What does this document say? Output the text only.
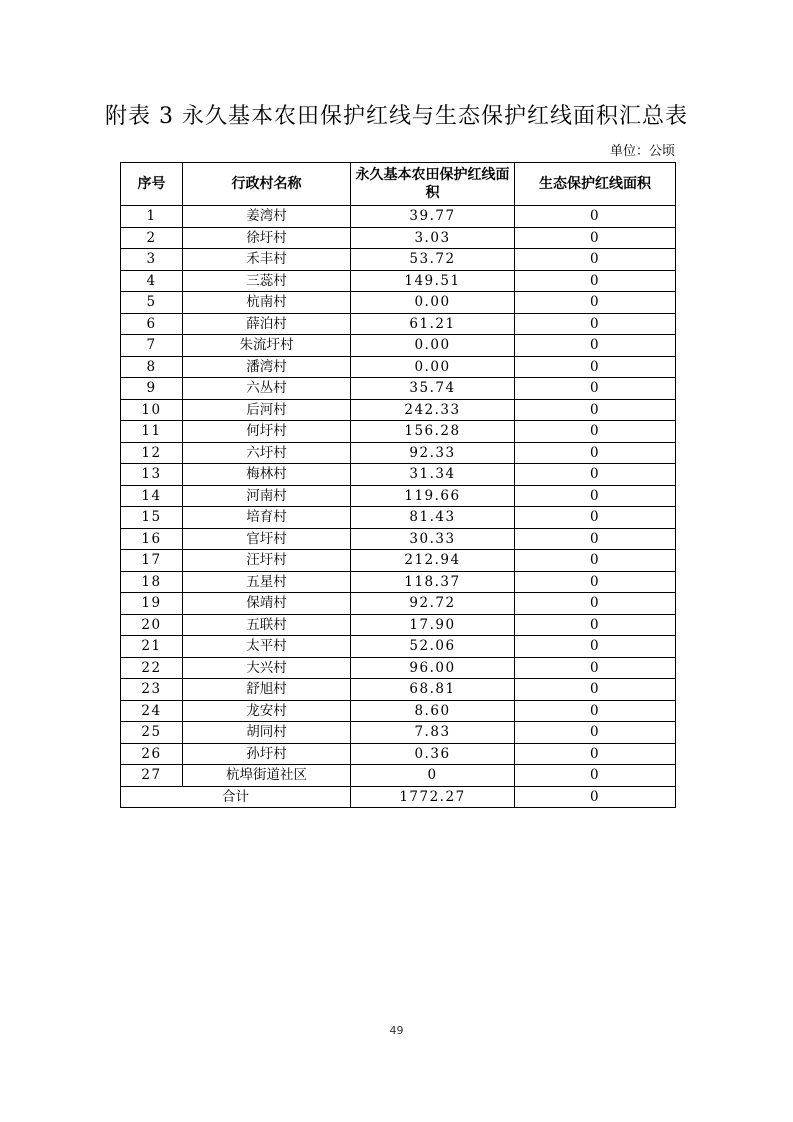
附表 3 永久基本农田保护红线与生态保护红线面积汇总表
单位：公顷
序号	行政村名称	永久基本农田保护红线面积	生态保护红线面积
1	姜湾村	39.77	0
2	徐圩村	3.03	0
3	禾丰村	53.72	0
4	三蕊村	149.51	0
5	杭南村	0.00	0
6	薛泊村	61.21	0
7	朱流圩村	0.00	0
8	潘湾村	0.00	0
9	六丛村	35.74	0
10	后河村	242.33	0
11	何圩村	156.28	0
12	六圩村	92.33	0
13	梅林村	31.34	0
14	河南村	119.66	0
15	培育村	81.43	0
16	官圩村	30.33	0
17	汪圩村	212.94	0
18	五星村	118.37	0
19	保靖村	92.72	0
20	五联村	17.90	0
21	太平村	52.06	0
22	大兴村	96.00	0
23	舒旭村	68.81	0
24	龙安村	8.60	0
25	胡同村	7.83	0
26	孙圩村	0.36	0
27	杭埠街道社区	0	0
合计		1772.27	0
49
